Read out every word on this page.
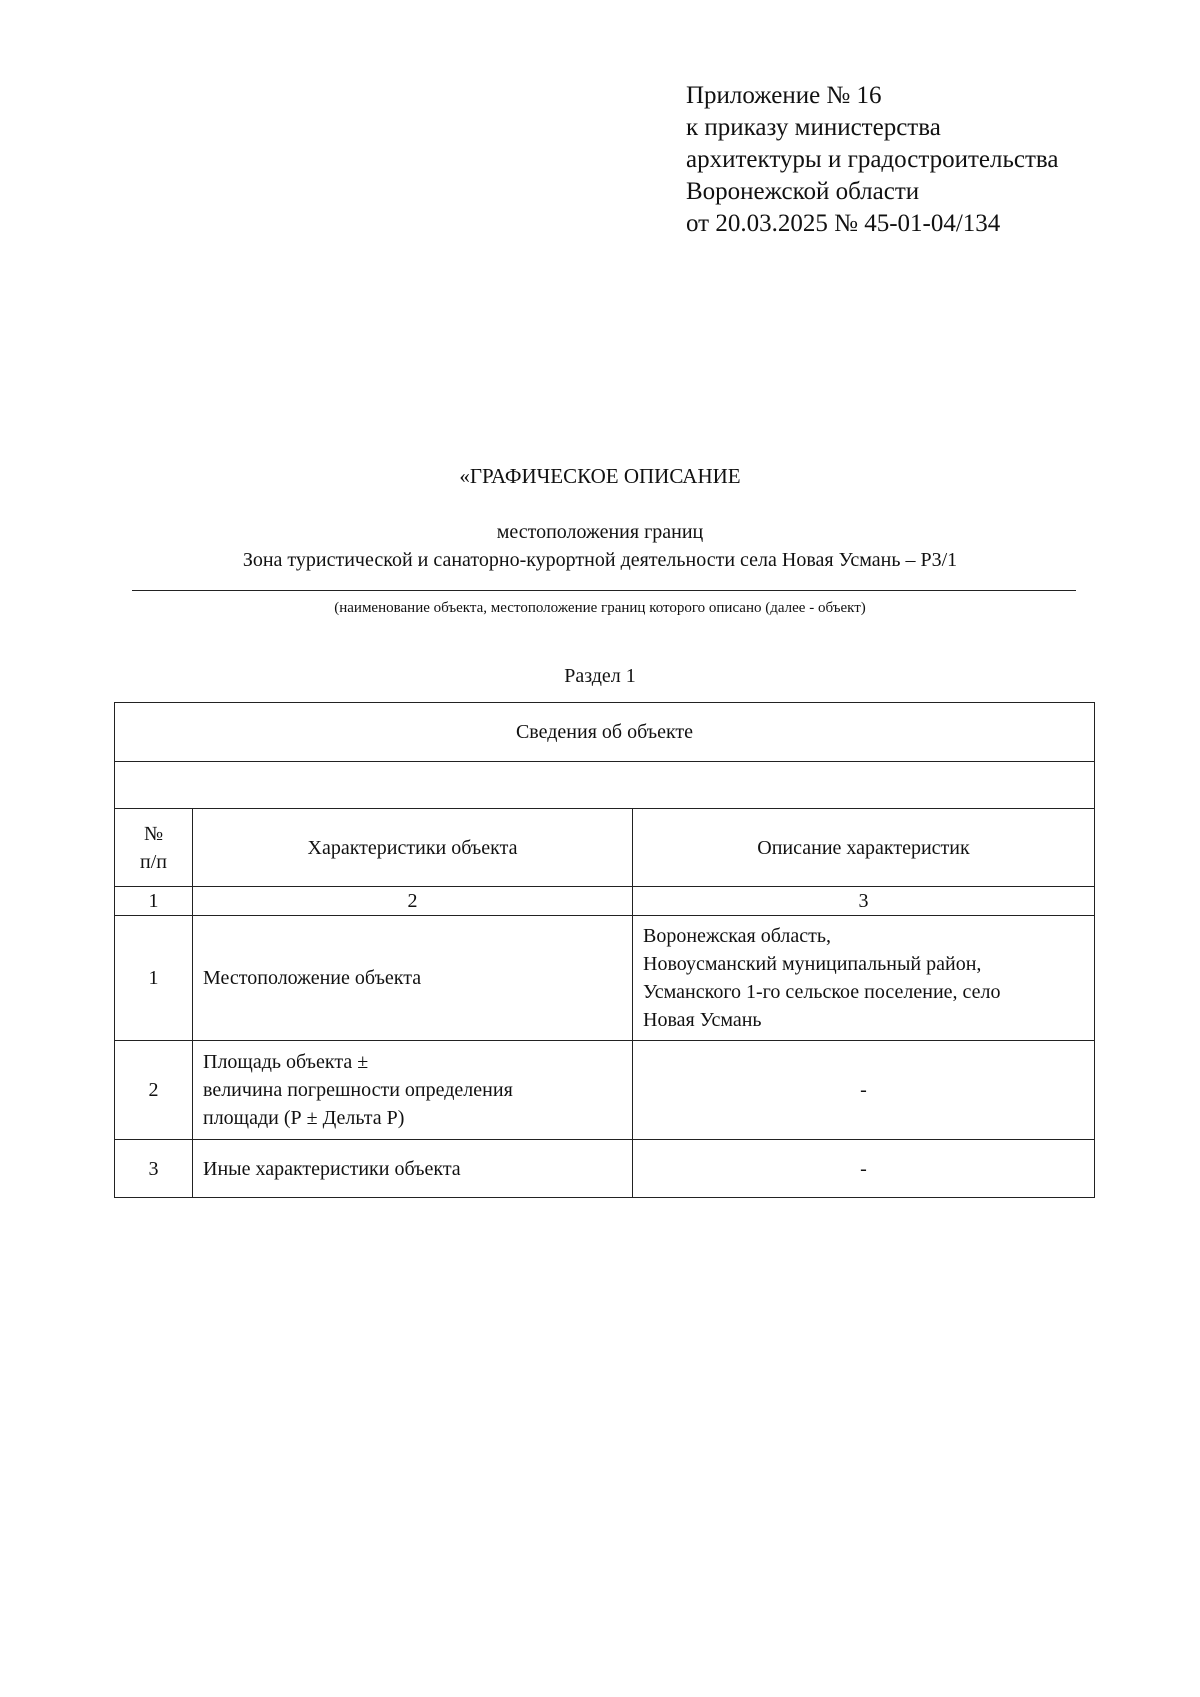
Приложение № 16
к приказу министерства
архитектуры и градостроительства
Воронежской области
от 20.03.2025 № 45-01-04/134
«ГРАФИЧЕСКОЕ ОПИСАНИЕ
местоположения границ
Зона туристической и санаторно-курортной деятельности села Новая Усмань – Р3/1
(наименование объекта, местоположение границ которого описано (далее - объект)
Раздел 1
Сведения об объекте		

№
п/п	Характеристики объекта	Описание характеристик
1	2	3
1	Местоположение объекта	Воронежская область,
Новоусманский муниципальный район,
Усманского 1-го сельское поселение, село
Новая Усмань
2	Площадь объекта ±
величина погрешности определения
площади (Р ± Дельта Р)	-
3	Иные характеристики объекта	-
